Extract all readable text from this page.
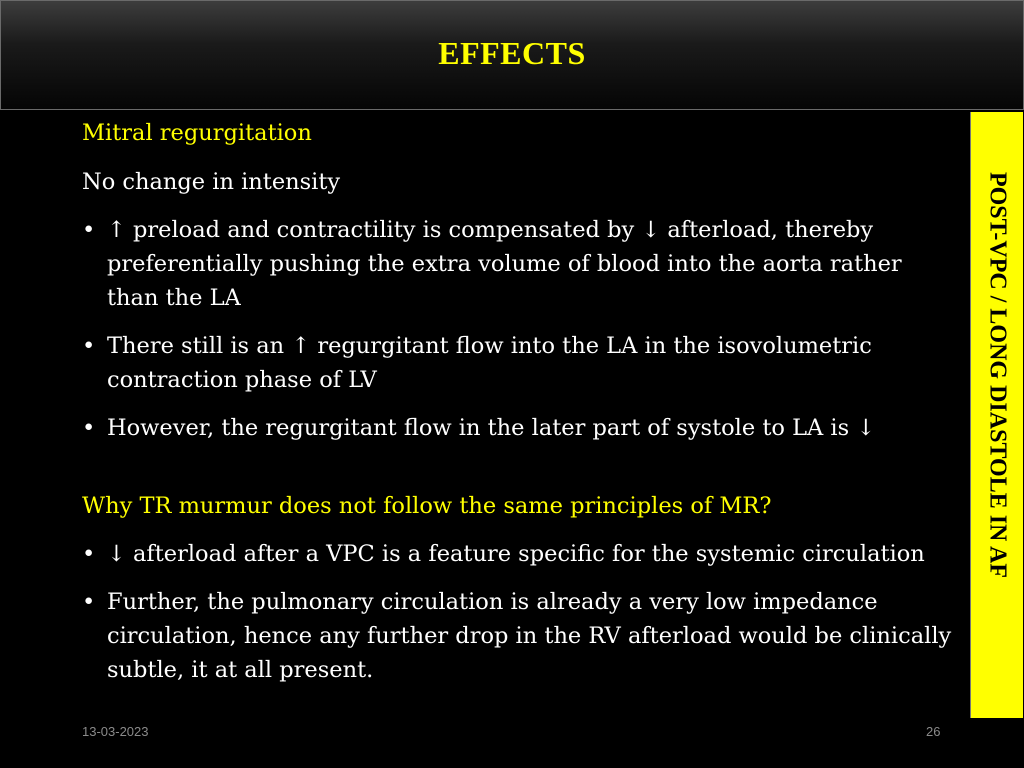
EFFECTS
POST-VPC / LONG DIASTOLE IN AF

Mitral regurgitation

No change in intensity

• ↑ preload and contractility is compensated by ↓ afterload, thereby preferentially pushing the extra volume of blood into the aorta rather than the LA
• There still is an ↑ regurgitant flow into the LA in the isovolumetric contraction phase of LV
• However, the regurgitant flow in the later part of systole to LA is ↓

Why TR murmur does not follow the same principles of MR?

• ↓ afterload after a VPC is a feature specific for the systemic circulation
• Further, the pulmonary circulation is already a very low impedance circulation, hence any further drop in the RV afterload would be clinically subtle, it at all present.
13-03-2023	26
